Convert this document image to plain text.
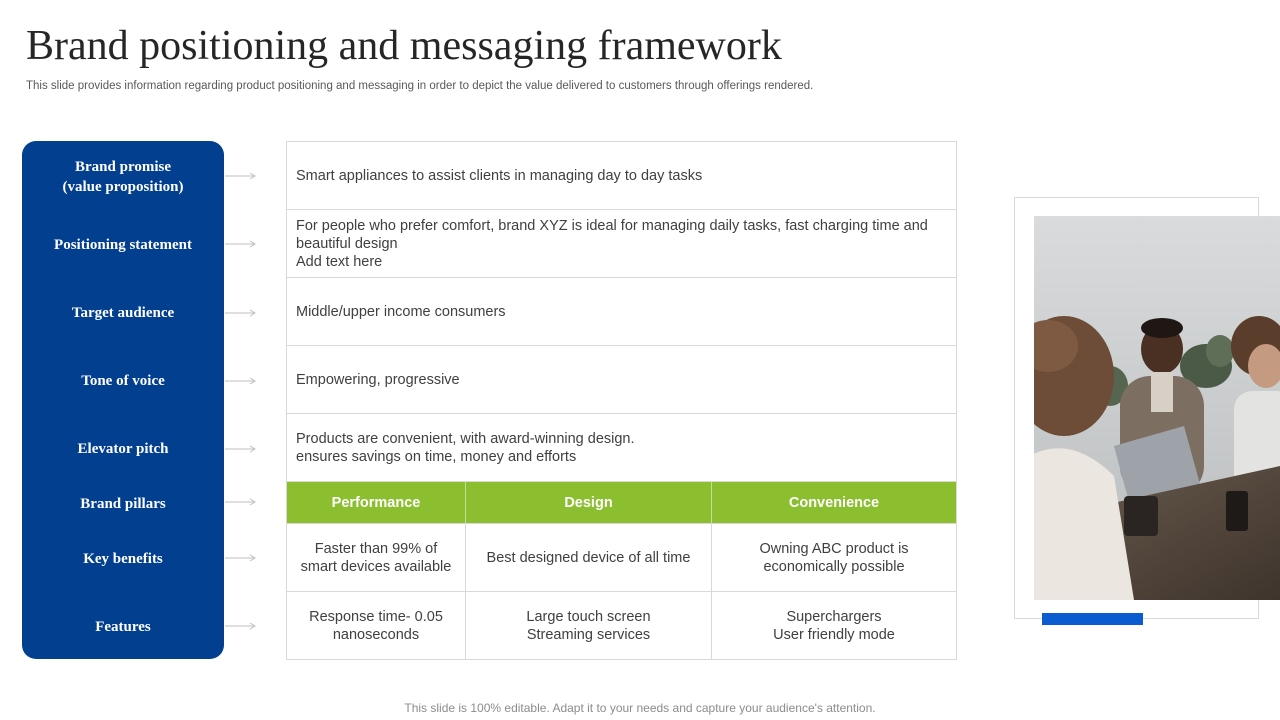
Brand positioning and messaging framework
This slide provides information regarding product positioning and messaging in order to depict the value delivered to customers through offerings rendered.
Brand promise
(value proposition)
Positioning statement
Target audience
Tone of voice
Elevator pitch
Brand pillars
Key benefits
Features
Smart appliances to assist clients in managing day to day tasks
For people who prefer comfort, brand XYZ is ideal for managing daily tasks, fast charging time and beautiful design
Add text here
Middle/upper income consumers
Empowering, progressive
Products are convenient, with award-winning design.
ensures savings on time, money and efforts
Performance	Design	Convenience
Faster than 99% of
smart devices available
Best designed device of all time
Owning ABC product is
economically possible
Response time- 0.05
nanoseconds
Large touch screen
Streaming services
Superchargers
User friendly mode
This slide is 100% editable. Adapt it to your needs and capture your audience's attention.
